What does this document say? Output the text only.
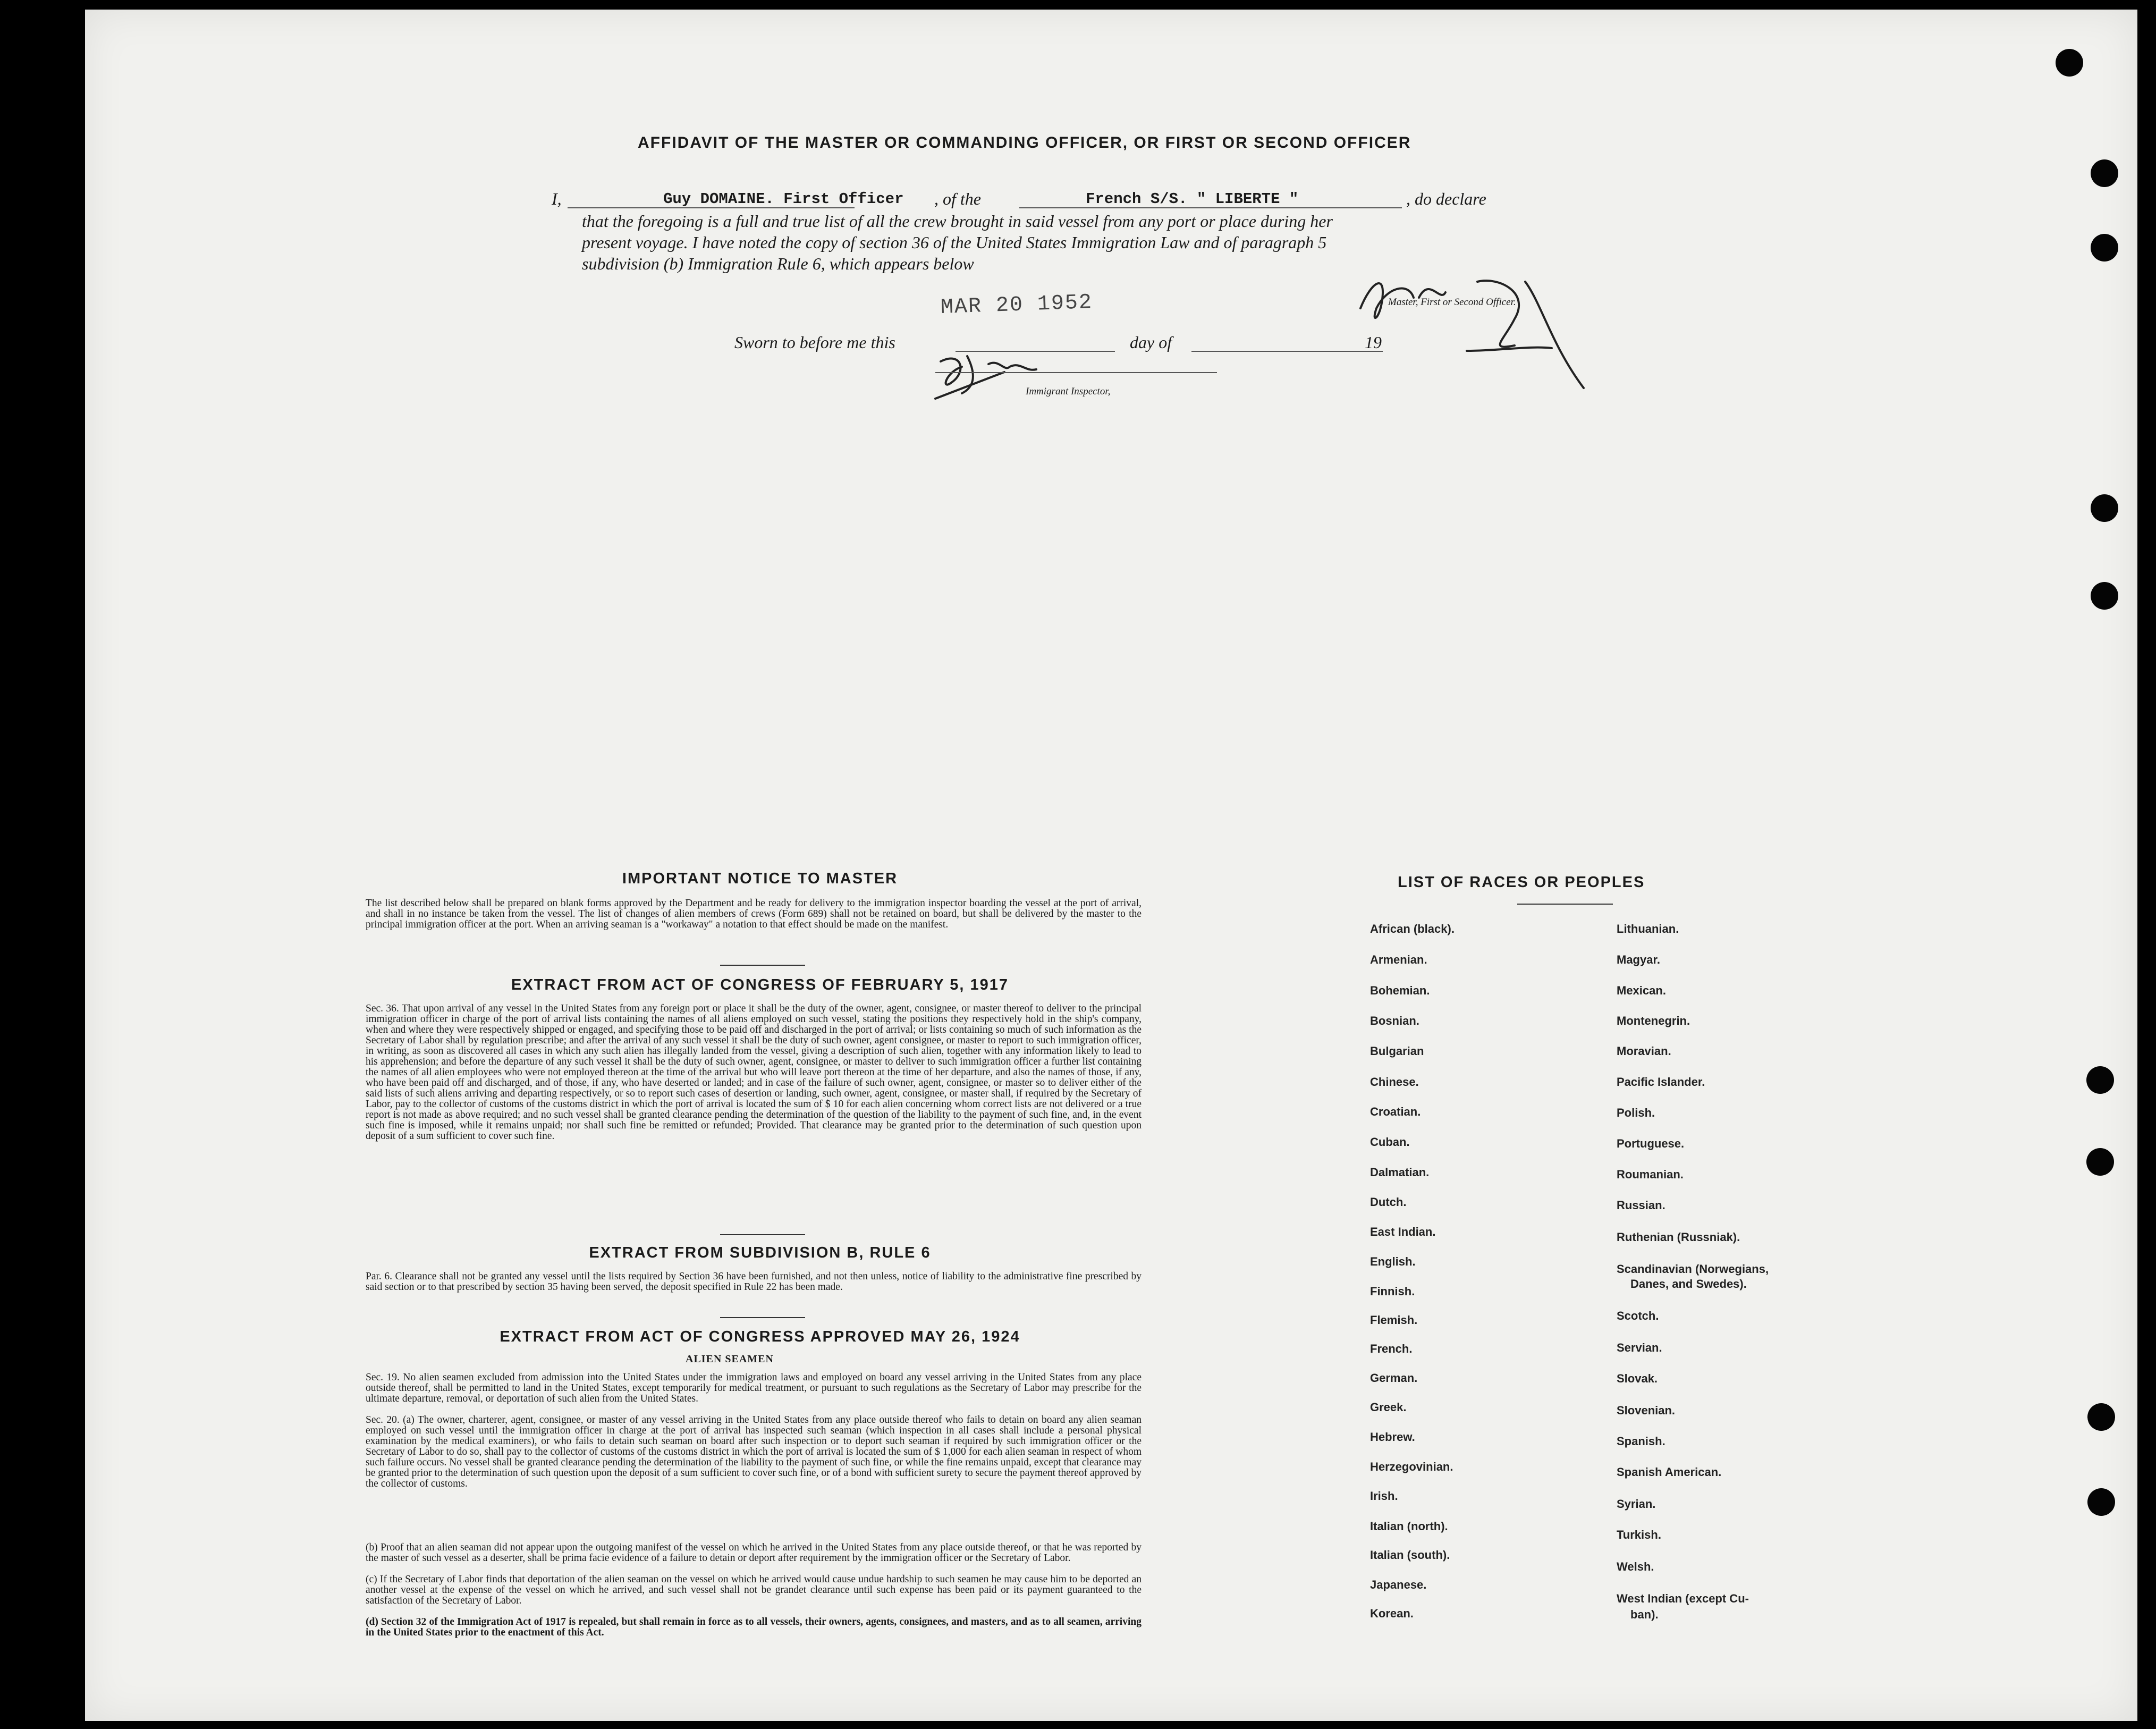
AFFIDAVIT OF THE MASTER OR COMMANDING OFFICER, OR FIRST OR SECOND OFFICER
I,	Guy DOMAINE. First Officer , of the	French S/S. " LIBERTE "	, do declare
that the foregoing is a full and true list of all the crew brought in said vessel from any port or place during her
present voyage. I have noted the copy of section 36 of the United States Immigration Law and of paragraph 5
subdivision (b) Immigration Rule 6, which appears below
MAR 20 1952	Master, First or Second Officer.
Sworn to before me this	day of	19
Immigrant Inspector,
IMPORTANT NOTICE TO MASTER
The list described below shall be prepared on blank forms approved by the Department and be ready for delivery to the immigration inspector boarding the vessel at the port of arrival, and shall in no instance be taken from the vessel. The list of changes of alien members of crews (Form 689) shall not be retained on board, but shall be delivered by the master to the principal immigration officer at the port. When an arriving seaman is a "workaway" a notation to that effect should be made on the manifest.
EXTRACT FROM ACT OF CONGRESS OF FEBRUARY 5, 1917
Sec. 36. That upon arrival of any vessel in the United States from any foreign port or place it shall be the duty of the owner, agent, consignee, or master thereof to deliver to the principal immigration officer in charge of the port of arrival lists containing the names of all aliens employed on such vessel, stating the positions they respectively hold in the ship's company, when and where they were respectively shipped or engaged, and specifying those to be paid off and discharged in the port of arrival; or lists containing so much of such information as the Secretary of Labor shall by regulation prescribe; and after the arrival of any such vessel it shall be the duty of such owner, agent consignee, or master to report to such immigration officer, in writing, as soon as discovered all cases in which any such alien has illegally landed from the vessel, giving a description of such alien, together with any information likely to lead to his apprehension; and before the departure of any such vessel it shall be the duty of such owner, agent, consignee, or master to deliver to such immigration officer a further list containing the names of all alien employees who were not employed thereon at the time of the arrival but who will leave port thereon at the time of her departure, and also the names of those, if any, who have been paid off and discharged, and of those, if any, who have deserted or landed; and in case of the failure of such owner, agent, consignee, or master so to deliver either of the said lists of such aliens arriving and departing respectively, or so to report such cases of desertion or landing, such owner, agent, consignee, or master shall, if required by the Secretary of Labor, pay to the collector of customs of the customs district in which the port of arrival is located the sum of $ 10 for each alien concerning whom correct lists are not delivered or a true report is not made as above required; and no such vessel shall be granted clearance pending the determination of the question of the liability to the payment of such fine, and, in the event such fine is imposed, while it remains unpaid; nor shall such fine be remitted or refunded; Provided. That clearance may be granted prior to the determination of such question upon deposit of a sum sufficient to cover such fine.
EXTRACT FROM SUBDIVISION B, RULE 6
Par. 6. Clearance shall not be granted any vessel until the lists required by Section 36 have been furnished, and not then unless, notice of liability to the administrative fine prescribed by said section or to that prescribed by section 35 having been served, the deposit specified in Rule 22 has been made.
EXTRACT FROM ACT OF CONGRESS APPROVED MAY 26, 1924
ALIEN SEAMEN
Sec. 19. No alien seamen excluded from admission into the United States under the immigration laws and employed on board any vessel arriving in the United States from any place outside thereof, shall be permitted to land in the United States, except temporarily for medical treatment, or pursuant to such regulations as the Secretary of Labor may prescribe for the ultimate departure, removal, or deportation of such alien from the United States.
Sec. 20. (a) The owner, charterer, agent, consignee, or master of any vessel arriving in the United States from any place outside thereof who fails to detain on board any alien seaman employed on such vessel until the immigration officer in charge at the port of arrival has inspected such seaman (which inspection in all cases shall include a personal physical examination by the medical examiners), or who fails to detain such seaman on board after such inspection or to deport such seaman if required by such immigration officer or the Secretary of Labor to do so, shall pay to the collector of customs of the customs district in which the port of arrival is located the sum of $ 1,000 for each alien seaman in respect of whom such failure occurs. No vessel shall be granted clearance pending the determination of the liability to the payment of such fine, or while the fine remains unpaid, except that clearance may be granted prior to the determination of such question upon the deposit of a sum sufficient to cover such fine, or of a bond with sufficient surety to secure the payment thereof approved by the collector of customs.
(b) Proof that an alien seaman did not appear upon the outgoing manifest of the vessel on which he arrived in the United States from any place outside thereof, or that he was reported by the master of such vessel as a deserter, shall be prima facie evidence of a failure to detain or deport after requirement by the immigration officer or the Secretary of Labor.
(c) If the Secretary of Labor finds that deportation of the alien seaman on the vessel on which he arrived would cause undue hardship to such seamen he may cause him to be deported an another vessel at the expense of the vessel on which he arrived, and such vessel shall not be grandet clearance until such expense has been paid or its payment guaranteed to the satisfaction of the Secretary of Labor.
(d) Section 32 of the Immigration Act of 1917 is repealed, but shall remain in force as to all vessels, their owners, agents, consignees, and masters, and as to all seamen, arriving in the United States prior to the enactment of this Act.
LIST OF RACES OR PEOPLES
African (black).
Armenian.
Bohemian.
Bosnian.
Bulgarian
Chinese.
Croatian.
Cuban.
Dalmatian.
Dutch.
East Indian.
English.
Finnish.
Flemish.
French.
German.
Greek.
Hebrew.
Herzegovinian.
Irish.
Italian (north).
Italian (south).
Japanese.
Korean.
Lithuanian.
Magyar.
Mexican.
Montenegrin.
Moravian.
Pacific Islander.
Polish.
Portuguese.
Roumanian.
Russian.
Ruthenian (Russniak).
Scandinavian (Norwegians,
Danes, and Swedes).
Scotch.
Servian.
Slovak.
Slovenian.
Spanish.
Spanish American.
Syrian.
Turkish.
Welsh.
West Indian (except Cu-
ban).
